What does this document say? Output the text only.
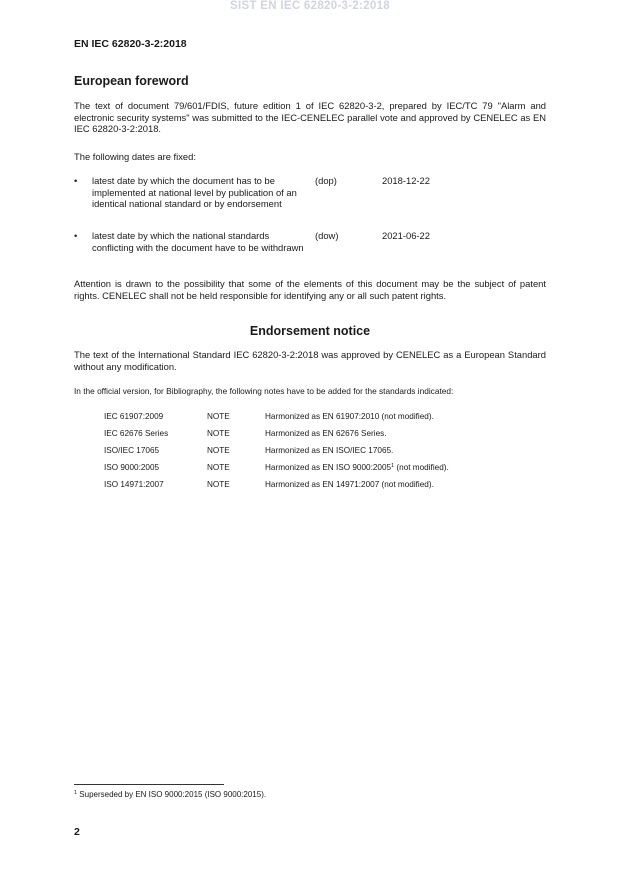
SIST EN IEC 62820-3-2:2018
EN IEC 62820-3-2:2018
European foreword
The text of document 79/601/FDIS, future edition 1 of IEC 62820-3-2, prepared by IEC/TC 79 "Alarm and electronic security systems" was submitted to the IEC-CENELEC parallel vote and approved by CENELEC as EN IEC 62820-3-2:2018.
The following dates are fixed:
• latest date by which the document has to be implemented at national level by publication of an identical national standard or by endorsement
(dop)	2018-12-22
• latest date by which the national standards conflicting with the document have to be withdrawn
(dow)	2021-06-22
Attention is drawn to the possibility that some of the elements of this document may be the subject of patent rights. CENELEC shall not be held responsible for identifying any or all such patent rights.
Endorsement notice
The text of the International Standard IEC 62820-3-2:2018 was approved by CENELEC as a European Standard without any modification.
In the official version, for Bibliography, the following notes have to be added for the standards indicated:
IEC 61907:2009	NOTE	Harmonized as EN 61907:2010 (not modified).
IEC 62676 Series	NOTE	Harmonized as EN 62676 Series.
ISO/IEC 17065	NOTE	Harmonized as EN ISO/IEC 17065.
ISO 9000:2005	NOTE	Harmonized as EN ISO 9000:2005$^1$ (not modified).
ISO 14971:2007	NOTE	Harmonized as EN 14971:2007 (not modified).
$^1$ Superseded by EN ISO 9000:2015 (ISO 9000:2015).
2
